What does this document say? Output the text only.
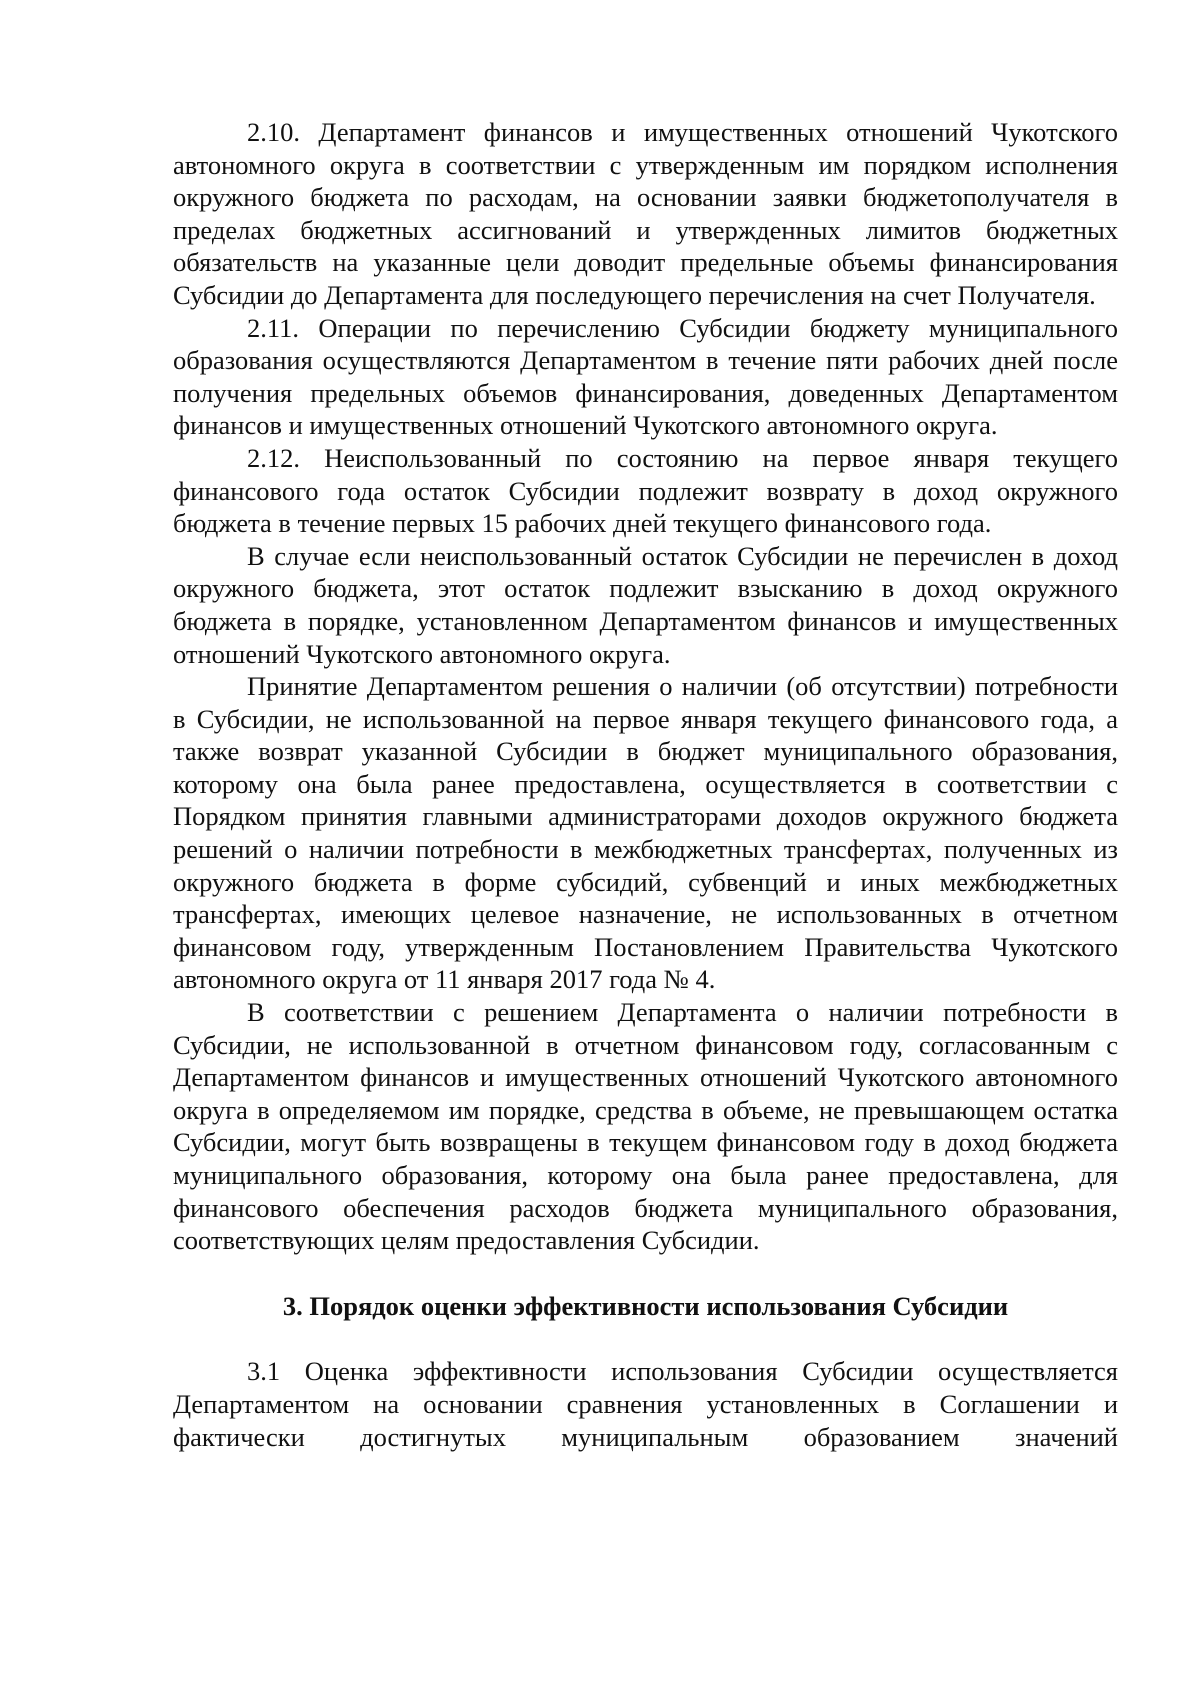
2.10. Департамент финансов и имущественных отношений Чукотского автономного округа в соответствии с утвержденным им порядком исполнения окружного бюджета по расходам, на основании заявки бюджетополучателя в пределах бюджетных ассигнований и утвержденных лимитов бюджетных обязательств на указанные цели доводит предельные объемы финансирования Субсидии до Департамента для последующего перечисления на счет Получателя.

2.11. Операции по перечислению Субсидии бюджету муниципального образования осуществляются Департаментом в течение пяти рабочих дней после получения предельных объемов финансирования, доведенных Департаментом финансов и имущественных отношений Чукотского автономного округа.

2.12. Неиспользованный по состоянию на первое января текущего финансового года остаток Субсидии подлежит возврату в доход окружного бюджета в течение первых 15 рабочих дней текущего финансового года.

В случае если неиспользованный остаток Субсидии не перечислен в доход окружного бюджета, этот остаток подлежит взысканию в доход окружного бюджета в порядке, установленном Департаментом финансов и имущественных отношений Чукотского автономного округа.

Принятие Департаментом решения о наличии (об отсутствии) потребности в Субсидии, не использованной на первое января текущего финансового года, а также возврат указанной Субсидии в бюджет муниципального образования, которому она была ранее предоставлена, осуществляется в соответствии с Порядком принятия главными администраторами доходов окружного бюджета решений о наличии потребности в межбюджетных трансфертах, полученных из окружного бюджета в форме субсидий, субвенций и иных межбюджетных трансфертах, имеющих целевое назначение, не использованных в отчетном финансовом году, утвержденным Постановлением Правительства Чукотского автономного округа от 11 января 2017 года № 4.

В соответствии с решением Департамента о наличии потребности в Субсидии, не использованной в отчетном финансовом году, согласованным с Департаментом финансов и имущественных отношений Чукотского автономного округа в определяемом им порядке, средства в объеме, не превышающем остатка Субсидии, могут быть возвращены в текущем финансовом году в доход бюджета муниципального образования, которому она была ранее предоставлена, для финансового обеспечения расходов бюджета муниципального образования, соответствующих целям предоставления Субсидии.

3. Порядок оценки эффективности использования Субсидии

3.1 Оценка эффективности использования Субсидии осуществляется Департаментом на основании сравнения установленных в Соглашении и фактически достигнутых муниципальным образованием значений
